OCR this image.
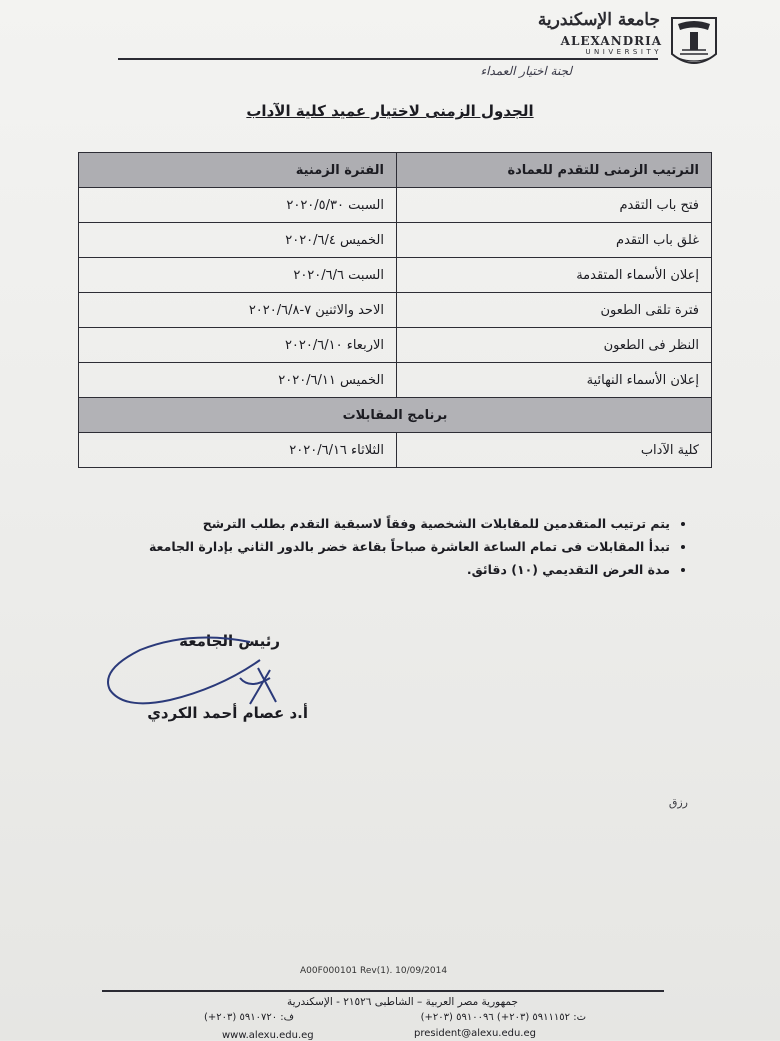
جامعة الإسكندرية
ALEXANDRIA
UNIVERSITY
لجنة اختيار العمداء
الجدول الزمنى لاختيار عميد كلية الآداب
الترتيب الزمنى للتقدم للعمادة	الفترة الزمنية
فتح باب التقدم	السبت ٢٠٢٠/٥/٣٠
غلق باب التقدم	الخميس ٢٠٢٠/٦/٤
إعلان الأسماء المتقدمة	السبت ٢٠٢٠/٦/٦
فترة تلقى الطعون	الاحد والاثنين ٧-٢٠٢٠/٦/٨
النظر فى الطعون	الاربعاء ٢٠٢٠/٦/١٠
إعلان الأسماء النهائية	الخميس ٢٠٢٠/٦/١١
برنامج المقابلات	
كلية الآداب	الثلاثاء ٢٠٢٠/٦/١٦
• يتم ترتيب المتقدمين للمقابلات الشخصية وفقاً لاسبقية التقدم بطلب الترشح
• تبدأ المقابلات فى تمام الساعة العاشرة صباحاً بقاعة خضر بالدور الثاني بإدارة الجامعة
• مدة العرض التقديمي (١٠) دقائق.
رئيس الجامعة
أ.د عصام أحمد الكردي
رزق
A00F000101 Rev(1). 10/09/2014
جمهورية مصر العربية – الشاطبى ٢١٥٢٦ - الإسكندرية
ت: ٥٩١١١٥٢ (٢٠٣+) ٥٩١٠٠٩٦ (٢٠٣+)
ف: ٥٩١٠٧٢٠ (٢٠٣+)
www.alexu.edu.eg	president@alexu.edu.eg
